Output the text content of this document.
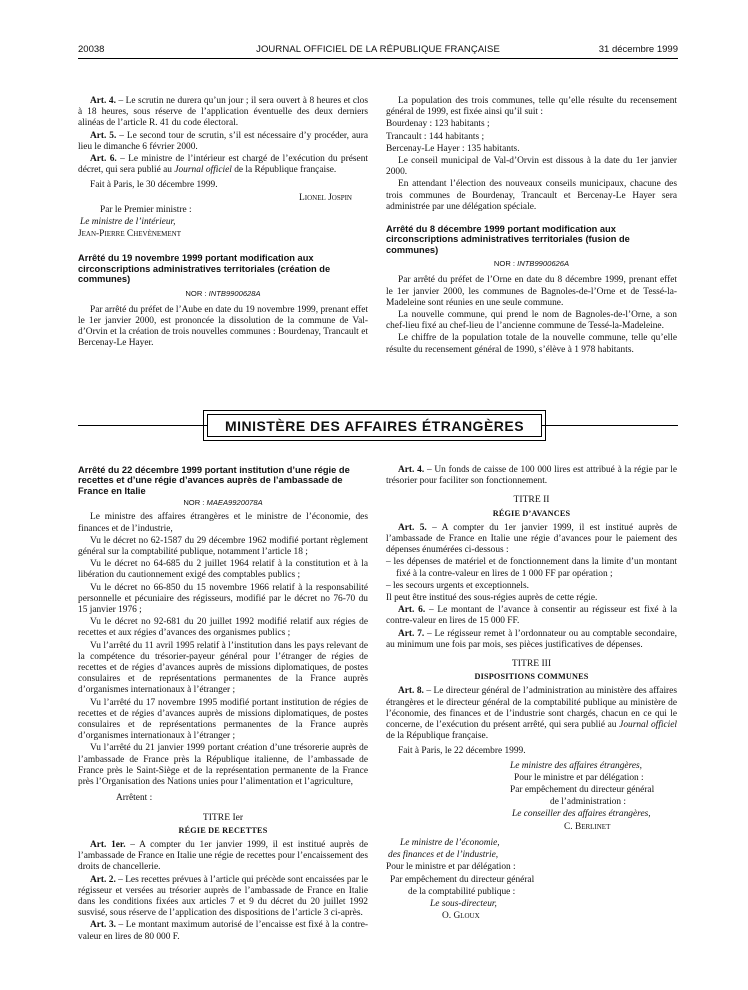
20038	JOURNAL OFFICIEL DE LA RÉPUBLIQUE FRANÇAISE	31 décembre 1999

Art. 4. – Le scrutin ne durera qu’un jour ; il sera ouvert à 8 heures et clos à 18 heures, sous réserve de l’application éventuelle des deux derniers alinéas de l’article R. 41 du code électoral.

Art. 5. – Le second tour de scrutin, s’il est nécessaire d’y procéder, aura lieu le dimanche 6 février 2000.

Art. 6. – Le ministre de l’intérieur est chargé de l’exécution du présent décret, qui sera publié au Journal officiel de la République française.

Fait à Paris, le 30 décembre 1999.

Lionel Jospin

Par le Premier ministre :

Le ministre de l’intérieur,

Jean-Pierre Chevènement

Arrêté du 19 novembre 1999 portant modification aux circonscriptions administratives territoriales (création de communes)

NOR : INTB9900628A

Par arrêté du préfet de l’Aube en date du 19 novembre 1999, prenant effet le 1er janvier 2000, est prononcée la dissolution de la commune de Val-d’Orvin et la création de trois nouvelles communes : Bourdenay, Trancault et Bercenay-Le Hayer.

La population des trois communes, telle qu’elle résulte du recensement général de 1999, est fixée ainsi qu’il suit :

Bourdenay : 123 habitants ;

Trancault : 144 habitants ;

Bercenay-Le Hayer : 135 habitants.

Le conseil municipal de Val-d’Orvin est dissous à la date du 1er janvier 2000.

En attendant l’élection des nouveaux conseils municipaux, chacune des trois communes de Bourdenay, Trancault et Bercenay-Le Hayer sera administrée par une délégation spéciale.

Arrêté du 8 décembre 1999 portant modification aux circonscriptions administratives territoriales (fusion de communes)

NOR : INTB9900626A

Par arrêté du préfet de l’Orne en date du 8 décembre 1999, prenant effet le 1er janvier 2000, les communes de Bagnoles-de-l’Orne et de Tessé-la-Madeleine sont réunies en une seule commune.

La nouvelle commune, qui prend le nom de Bagnoles-de-l’Orne, a son chef-lieu fixé au chef-lieu de l’ancienne commune de Tessé-la-Madeleine.

Le chiffre de la population totale de la nouvelle commune, telle qu’elle résulte du recensement général de 1990, s’élève à 1 978 habitants.

MINISTÈRE DES AFFAIRES ÉTRANGÈRES

Arrêté du 22 décembre 1999 portant institution d’une régie de recettes et d’une régie d’avances auprès de l’ambassade de France en Italie

NOR : MAEA9920078A

Le ministre des affaires étrangères et le ministre de l’économie, des finances et de l’industrie,

Vu le décret no 62-1587 du 29 décembre 1962 modifié portant règlement général sur la comptabilité publique, notamment l’article 18 ;

Vu le décret no 64-685 du 2 juillet 1964 relatif à la constitution et à la libération du cautionnement exigé des comptables publics ;

Vu le décret no 66-850 du 15 novembre 1966 relatif à la responsabilité personnelle et pécuniaire des régisseurs, modifié par le décret no 76-70 du 15 janvier 1976 ;

Vu le décret no 92-681 du 20 juillet 1992 modifié relatif aux régies de recettes et aux régies d’avances des organismes publics ;

Vu l’arrêté du 11 avril 1995 relatif à l’institution dans les pays relevant de la compétence du trésorier-payeur général pour l’étranger de régies de recettes et de régies d’avances auprès de missions diplomatiques, de postes consulaires et de représentations permanentes de la France auprès d’organismes internationaux à l’étranger ;

Vu l’arrêté du 17 novembre 1995 modifié portant institution de régies de recettes et de régies d’avances auprès de missions diplomatiques, de postes consulaires et de représentations permanentes de la France auprès d’organismes internationaux à l’étranger ;

Vu l’arrêté du 21 janvier 1999 portant création d’une trésorerie auprès de l’ambassade de France près la République italienne, de l’ambassade de France près le Saint-Siège et de la représentation permanente de la France près l’Organisation des Nations unies pour l’alimentation et l’agriculture,

Arrêtent :

TITRE Ier

RÉGIE DE RECETTES

Art. 1er. – A compter du 1er janvier 1999, il est institué auprès de l’ambassade de France en Italie une régie de recettes pour l’encaissement des droits de chancellerie.

Art. 2. – Les recettes prévues à l’article qui précède sont encaissées par le régisseur et versées au trésorier auprès de l’ambassade de France en Italie dans les conditions fixées aux articles 7 et 9 du décret du 20 juillet 1992 susvisé, sous réserve de l’application des dispositions de l’article 3 ci-après.

Art. 3. – Le montant maximum autorisé de l’encaisse est fixé à la contre-valeur en lires de 80 000 F.

Art. 4. – Un fonds de caisse de 100 000 lires est attribué à la régie par le trésorier pour faciliter son fonctionnement.

TITRE II

RÉGIE D’AVANCES

Art. 5. – A compter du 1er janvier 1999, il est institué auprès de l’ambassade de France en Italie une régie d’avances pour le paiement des dépenses énumérées ci-dessous :

– les dépenses de matériel et de fonctionnement dans la limite d’un montant fixé à la contre-valeur en lires de 1 000 FF par opération ;

– les secours urgents et exceptionnels.

Il peut être institué des sous-régies auprès de cette régie.

Art. 6. – Le montant de l’avance à consentir au régisseur est fixé à la contre-valeur en lires de 15 000 FF.

Art. 7. – Le régisseur remet à l’ordonnateur ou au comptable secondaire, au minimum une fois par mois, ses pièces justificatives de dépenses.

TITRE III

DISPOSITIONS COMMUNES

Art. 8. – Le directeur général de l’administration au ministère des affaires étrangères et le directeur général de la comptabilité publique au ministère de l’économie, des finances et de l’industrie sont chargés, chacun en ce qui le concerne, de l’exécution du présent arrêté, qui sera publié au Journal officiel de la République française.

Fait à Paris, le 22 décembre 1999.

Le ministre des affaires étrangères,

Pour le ministre et par délégation :

Par empêchement du directeur général

de l’administration :

Le conseiller des affaires étrangères,

C. Berlinet

Le ministre de l’économie,

des finances et de l’industrie,

Pour le ministre et par délégation :

Par empêchement du directeur général

de la comptabilité publique :

Le sous-directeur,

O. Gloux
